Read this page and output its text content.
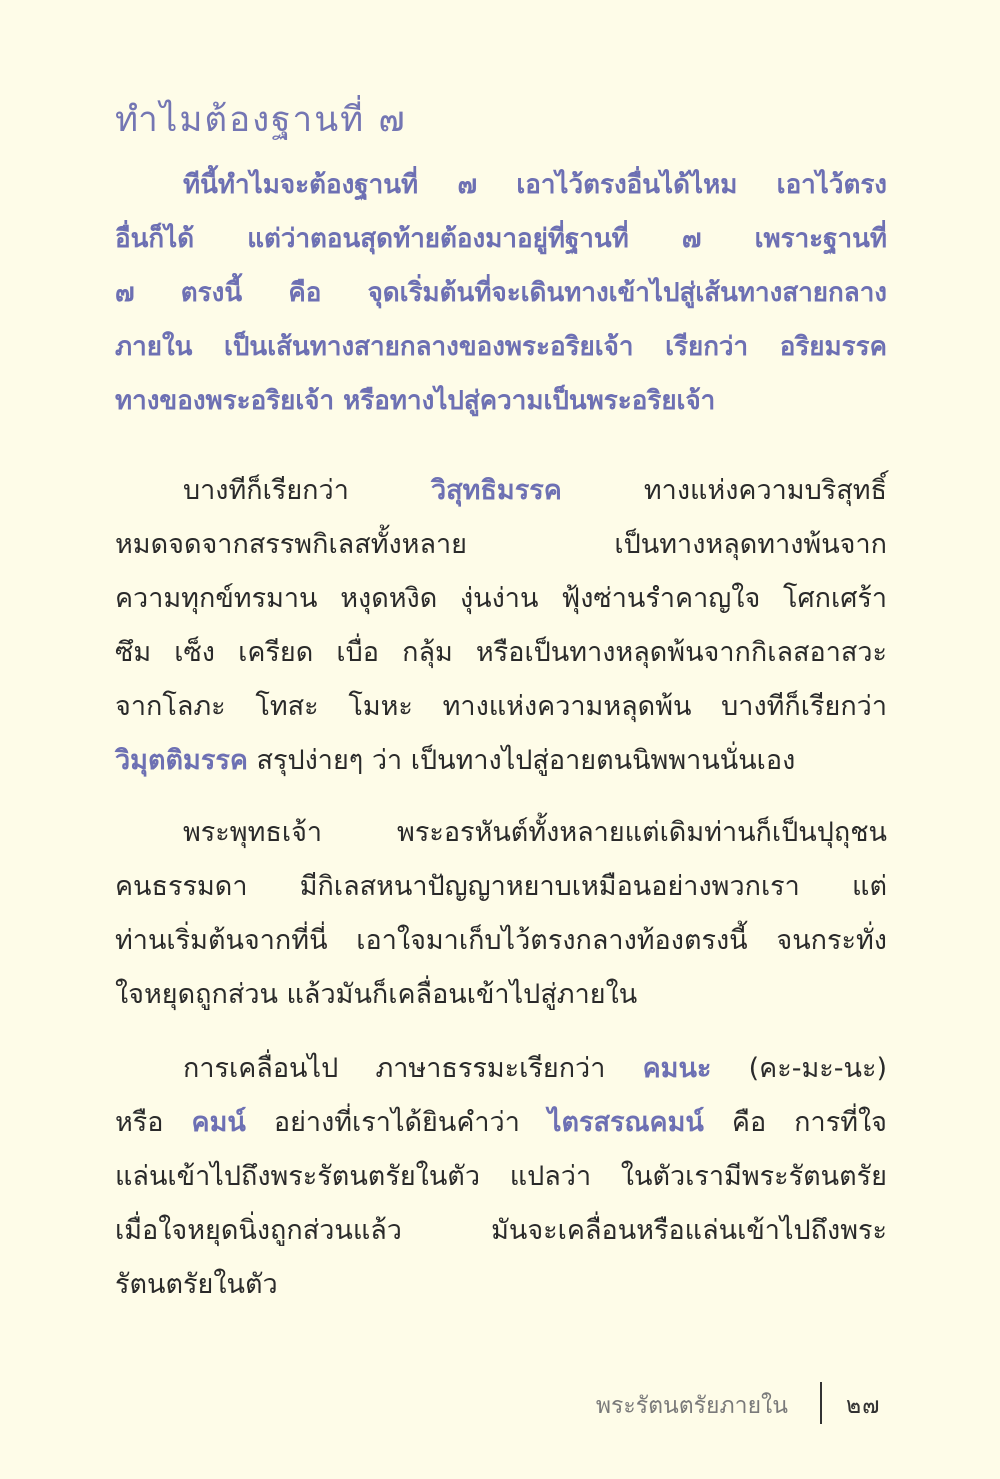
ทำไมต้องฐานที่ ๗
ทีนี้ทำไมจะต้องฐานที่ ๗ เอาไว้ตรงอื่นได้ไหม เอาไว้ตรง
อื่นก็ได้ แต่ว่าตอนสุดท้ายต้องมาอยู่ที่ฐานที่ ๗ เพราะฐานที่
๗ ตรงนี้ คือ จุดเริ่มต้นที่จะเดินทางเข้าไปสู่เส้นทางสายกลาง
ภายใน เป็นเส้นทางสายกลางของพระอริยเจ้า เรียกว่า อริยมรรค
ทางของพระอริยเจ้า หรือทางไปสู่ความเป็นพระอริยเจ้า
บางทีก็เรียกว่า วิสุทธิมรรค ทางแห่งความบริสุทธิ์
หมดจดจากสรรพกิเลสทั้งหลาย เป็นทางหลุดทางพ้นจาก
ความทุกข์ทรมาน หงุดหงิด งุ่นง่าน ฟุ้งซ่านรำคาญใจ โศกเศร้า
ซึม เซ็ง เครียด เบื่อ กลุ้ม หรือเป็นทางหลุดพ้นจากกิเลสอาสวะ
จากโลภะ โทสะ โมหะ ทางแห่งความหลุดพ้น บางทีก็เรียกว่า
วิมุตติมรรค สรุปง่ายๆ ว่า เป็นทางไปสู่อายตนนิพพานนั่นเอง
พระพุทธเจ้า พระอรหันต์ทั้งหลายแต่เดิมท่านก็เป็นปุถุชน
คนธรรมดา มีกิเลสหนาปัญญาหยาบเหมือนอย่างพวกเรา แต่
ท่านเริ่มต้นจากที่นี่ เอาใจมาเก็บไว้ตรงกลางท้องตรงนี้ จนกระทั่ง
ใจหยุดถูกส่วน แล้วมันก็เคลื่อนเข้าไปสู่ภายใน
การเคลื่อนไป ภาษาธรรมะเรียกว่า คมนะ (คะ-มะ-นะ)
หรือ คมน์ อย่างที่เราได้ยินคำว่า ไตรสรณคมน์ คือ การที่ใจ
แล่นเข้าไปถึงพระรัตนตรัยในตัว แปลว่า ในตัวเรามีพระรัตนตรัย
เมื่อใจหยุดนิ่งถูกส่วนแล้ว มันจะเคลื่อนหรือแล่นเข้าไปถึงพระ
รัตนตรัยในตัว
พระรัตนตรัยภายใน	๒๗
